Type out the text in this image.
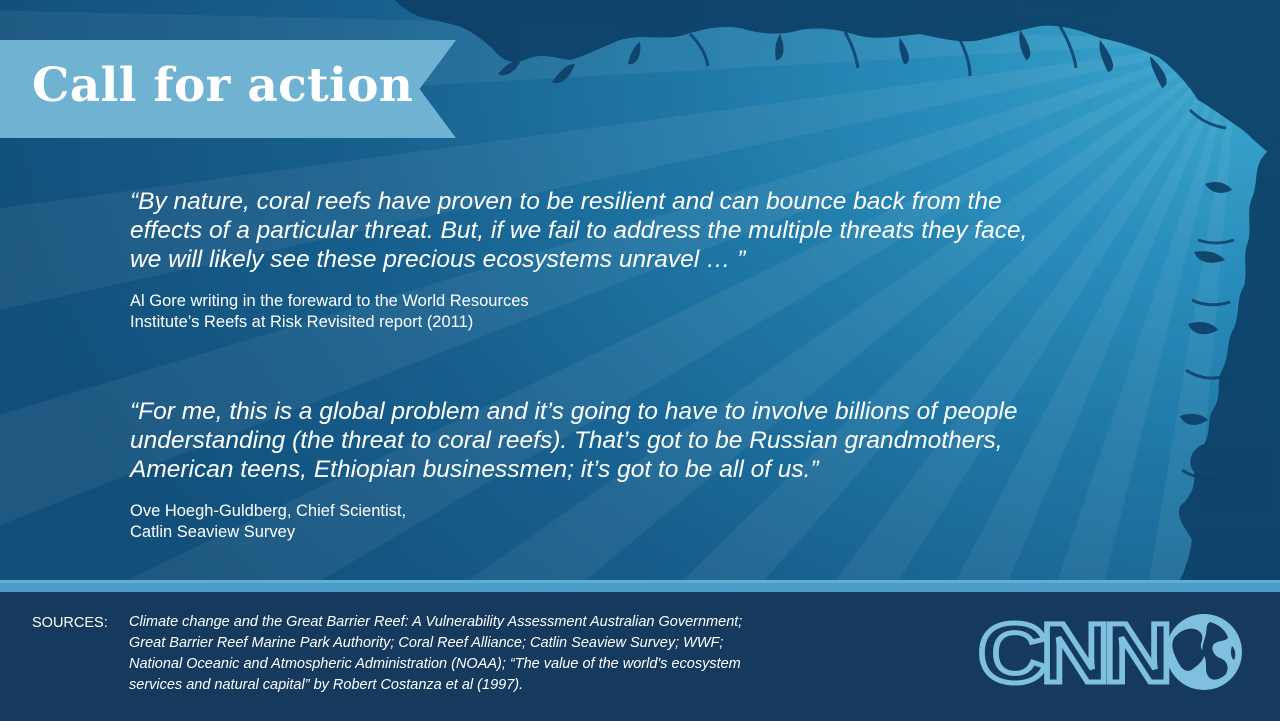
Call for action
“By nature, coral reefs have proven to be resilient and can bounce back from the
effects of a particular threat. But, if we fail to address the multiple threats they face,
we will likely see these precious ecosystems unravel … ”
Al Gore writing in the foreward to the World Resources
Institute’s Reefs at Risk Revisited report (2011)
“For me, this is a global problem and it’s going to have to involve billions of people
understanding (the threat to coral reefs). That’s got to be Russian grandmothers,
American teens, Ethiopian businessmen; it’s got to be all of us.”
Ove Hoegh-Guldberg, Chief Scientist,
Catlin Seaview Survey
SOURCES: Climate change and the Great Barrier Reef: A Vulnerability Assessment Australian Government;
Great Barrier Reef Marine Park Authority; Coral Reef Alliance; Catlin Seaview Survey; WWF;
National Oceanic and Atmospheric Administration (NOAA); “The value of the world's ecosystem
services and natural capital” by Robert Costanza et al (1997).	CNN
